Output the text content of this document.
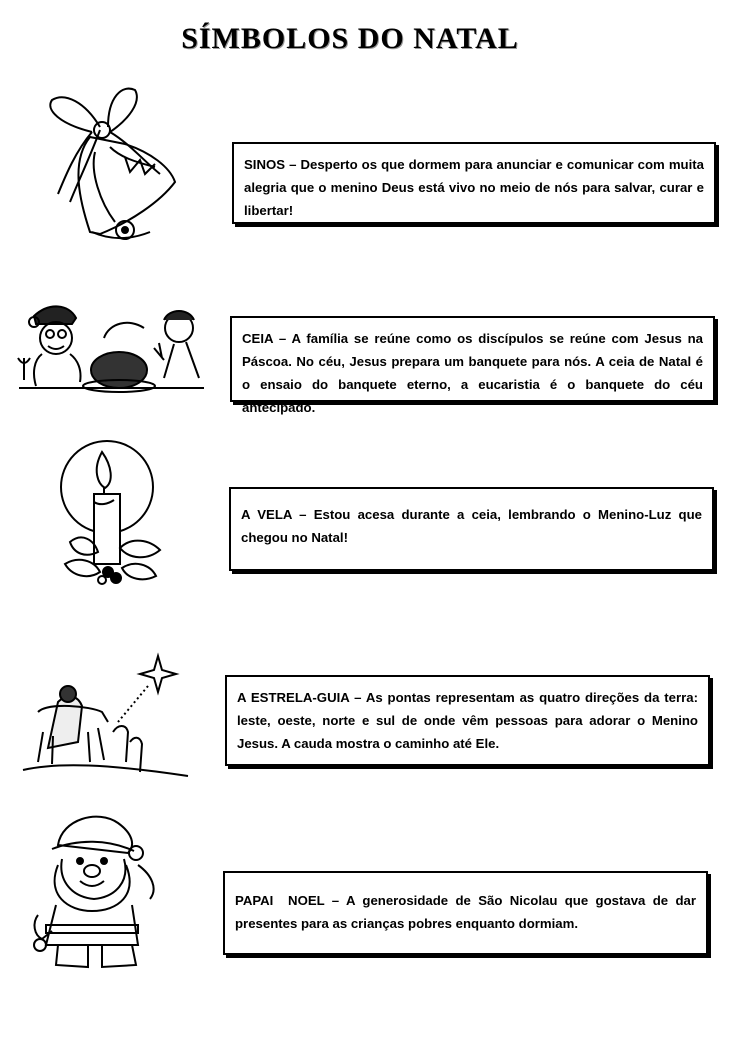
SÍMBOLOS DO NATAL
SINOS – Desperto os que dormem para anunciar e comunicar com muita alegria que o menino Deus está vivo no meio de nós para salvar, curar e libertar!
CEIA – A família se reúne como os discípulos se reúne com Jesus na Páscoa. No céu, Jesus prepara um banquete para nós. A ceia de Natal é o ensaio do banquete eterno, a eucaristia é o banquete do céu antecipado.
A VELA – Estou acesa durante a ceia, lembrando o Menino-Luz que chegou no Natal!
A ESTRELA-GUIA – As pontas representam as quatro direções da terra: leste, oeste, norte e sul de onde vêm pessoas para adorar o Menino Jesus. A cauda mostra o caminho até Ele.
PAPAI  NOEL – A generosidade de São Nicolau que gostava de dar presentes para as crianças pobres enquanto dormiam.
